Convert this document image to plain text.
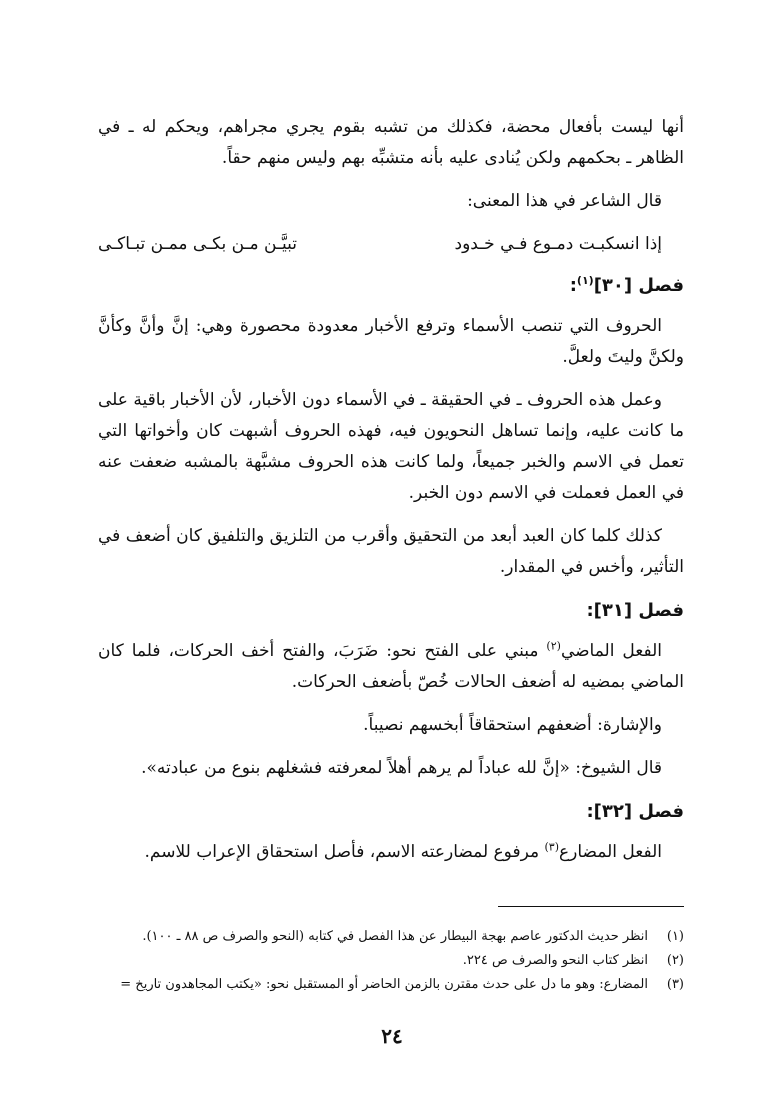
أنها ليست بأفعال محضة، فكذلك من تشبه بقوم يجري مجراهم، ويحكم له ـ في الظاهر ـ بحكمهم ولكن يُنادى عليه بأنه متشبِّه بهم وليس منهم حقاً.

قال الشاعر في هذا المعنى:

إذا انسكبـت دمـوع فـي خـدود
تبيَّـن مـن بكـى ممـن تبـاكـى
فصل [٣٠]$^{(١)}$:

الحروف التي تنصب الأسماء وترفع الأخبار معدودة محصورة وهي: إنَّ وأنَّ وكأنَّ ولكنَّ وليتَ ولعلَّ.

وعمل هذه الحروف ـ في الحقيقة ـ في الأسماء دون الأخبار، لأن الأخبار باقية على ما كانت عليه، وإنما تساهل النحويون فيه، فهذه الحروف أشبهت كان وأخواتها التي تعمل في الاسم والخبر جميعاً، ولما كانت هذه الحروف مشبَّهة بالمشبه ضعفت عنه في العمل فعملت في الاسم دون الخبر.

كذلك كلما كان العبد أبعد من التحقيق وأقرب من التلزيق والتلفيق كان أضعف في التأثير، وأخس في المقدار.

فصل [٣١]:

الفعل الماضي$^{(٢)}$ مبني على الفتح نحو: ضَرَبَ، والفتح أخف الحركات، فلما كان الماضي بمضيه له أضعف الحالات خُصّ بأضعف الحركات.

والإشارة: أضعفهم استحقاقاً أبخسهم نصيباً.

قال الشيوخ: «إنَّ لله عباداً لم يرهم أهلاً لمعرفته فشغلهم بنوع من عبادته».

فصل [٣٢]:

الفعل المضارع$^{(٣)}$ مرفوع لمضارعته الاسم، فأصل استحقاق الإعراب للاسم.

(١)
انظر حديث الدكتور عاصم بهجة البيطار عن هذا الفصل في كتابه (النحو والصرف ص ٨٨ ـ ١٠٠).
(٢)
انظر كتاب النحو والصرف ص ٢٢٤.
(٣)
المضارع: وهو ما دل على حدث مقترن بالزمن الحاضر أو المستقبل نحو: «يكتب المجاهدون تاريخ =
٢٤
